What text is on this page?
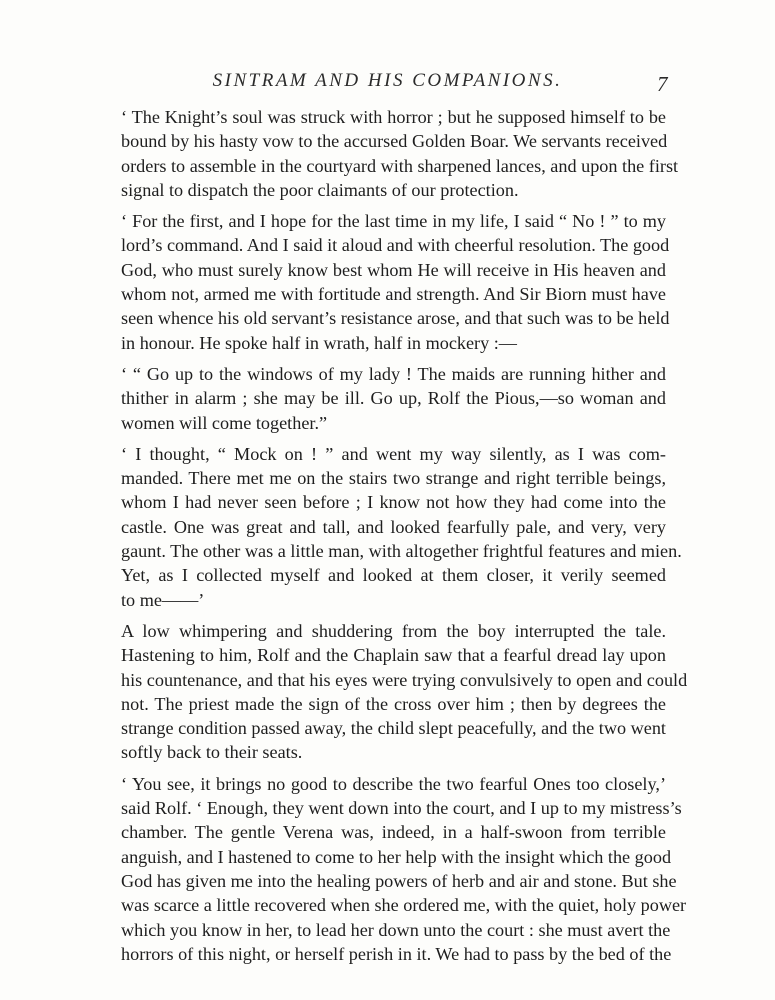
SINTRAM AND HIS COMPANIONS.	7

‘ The Knight’s soul was struck with horror ; but he supposed himself to be
bound by his hasty vow to the accursed Golden Boar. We servants received
orders to assemble in the courtyard with sharpened lances, and upon the first
signal to dispatch the poor claimants of our protection.

‘ For the first, and I hope for the last time in my life, I said “ No ! ” to my
lord’s command. And I said it aloud and with cheerful resolution. The good
God, who must surely know best whom He will receive in His heaven and
whom not, armed me with fortitude and strength. And Sir Biorn must have
seen whence his old servant’s resistance arose, and that such was to be held
in honour. He spoke half in wrath, half in mockery :—

‘ “ Go up to the windows of my lady ! The maids are running hither and
thither in alarm ; she may be ill. Go up, Rolf the Pious,—so woman and
women will come together.”

‘ I thought, “ Mock on ! ” and went my way silently, as I was com-
manded. There met me on the stairs two strange and right terrible beings,
whom I had never seen before ; I know not how they had come into the
castle. One was great and tall, and looked fearfully pale, and very, very
gaunt. The other was a little man, with altogether frightful features and mien.
Yet, as I collected myself and looked at them closer, it verily seemed
to me——’

A low whimpering and shuddering from the boy interrupted the tale.
Hastening to him, Rolf and the Chaplain saw that a fearful dread lay upon
his countenance, and that his eyes were trying convulsively to open and could
not. The priest made the sign of the cross over him ; then by degrees the
strange condition passed away, the child slept peacefully, and the two went
softly back to their seats.

‘ You see, it brings no good to describe the two fearful Ones too closely,’
said Rolf. ‘ Enough, they went down into the court, and I up to my mistress’s
chamber. The gentle Verena was, indeed, in a half-swoon from terrible
anguish, and I hastened to come to her help with the insight which the good
God has given me into the healing powers of herb and air and stone. But she
was scarce a little recovered when she ordered me, with the quiet, holy power
which you know in her, to lead her down unto the court : she must avert the
horrors of this night, or herself perish in it. We had to pass by the bed of the
